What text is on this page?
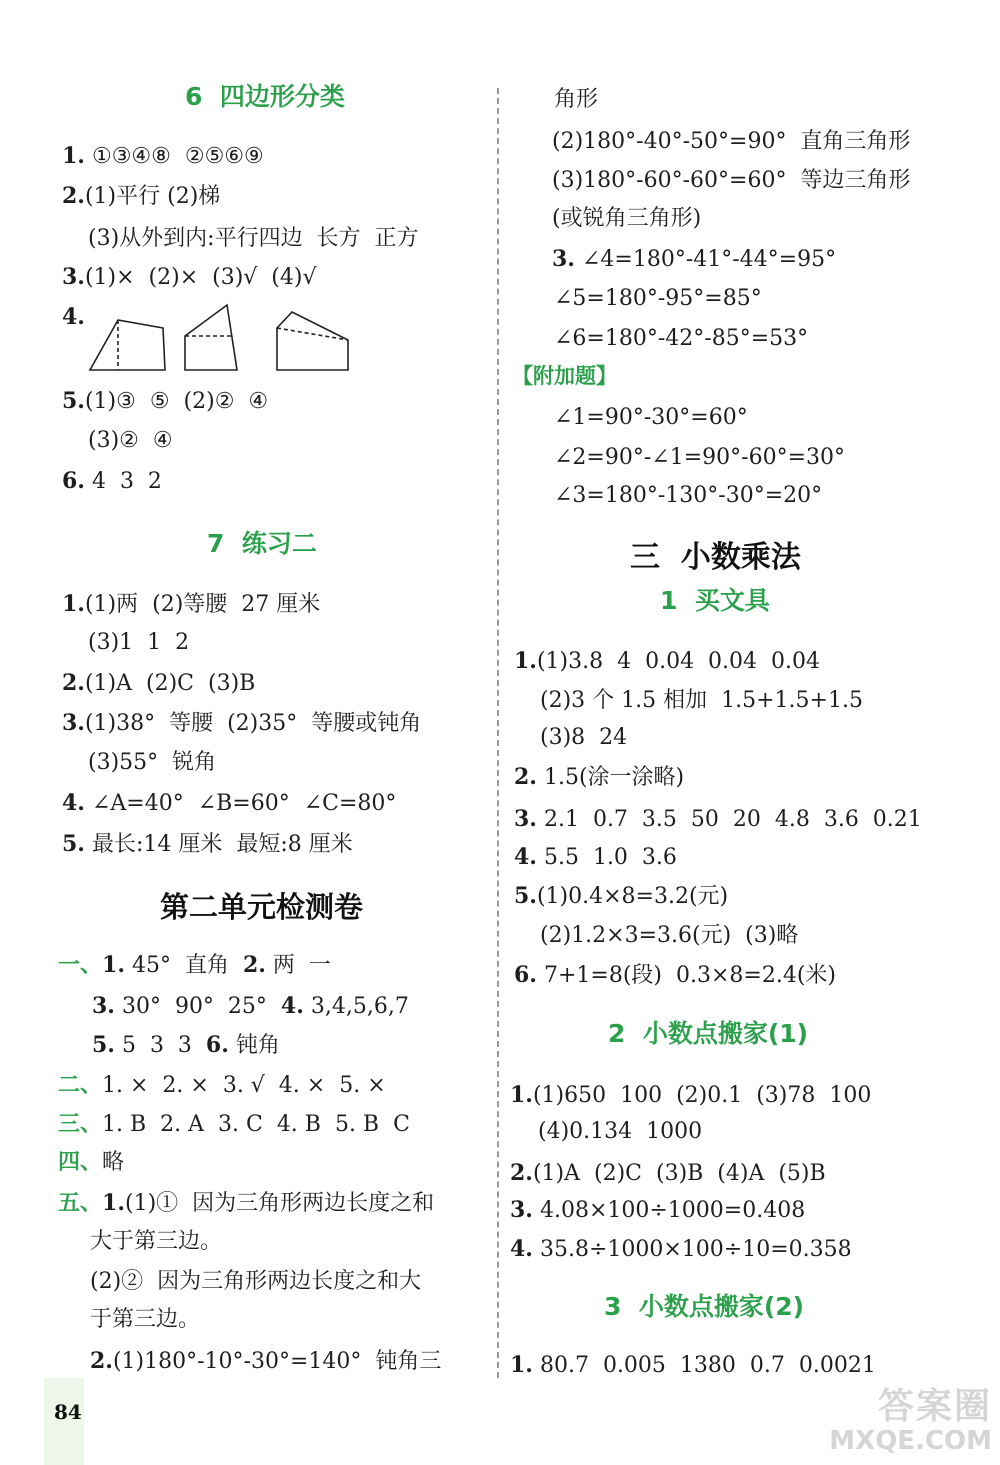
6 四边形分类
1. ①③④⑧  ②⑤⑥⑨
2.(1)平行 (2)梯
(3)从外到内:平行四边  长方  正方
3.(1)×  (2)×  (3)√  (4)√
4.
5.(1)③  ⑤  (2)②  ④
(3)②  ④
6. 4  3  2
7 练习二
1.(1)两  (2)等腰  27 厘米
(3)1  1  2
2.(1)A  (2)C  (3)B
3.(1)38°  等腰  (2)35°  等腰或钝角
(3)55°  锐角
4. ∠A=40°  ∠B=60°  ∠C=80°
5. 最长:14 厘米  最短:8 厘米
第二单元检测卷
一、1. 45°  直角  2. 两  一
3. 30°  90°  25°  4. 3,4,5,6,7
5. 5  3  3  6. 钝角
二、1. ×  2. ×  3. √  4. ×  5. ×
三、1. B  2. A  3. C  4. B  5. B  C
四、略
五、1.(1)①  因为三角形两边长度之和
大于第三边。
(2)②  因为三角形两边长度之和大
于第三边。
2.(1)180°-10°-30°=140°  钝角三
角形
(2)180°-40°-50°=90°  直角三角形
(3)180°-60°-60°=60°  等边三角形
(或锐角三角形)
3. ∠4=180°-41°-44°=95°
∠5=180°-95°=85°
∠6=180°-42°-85°=53°
【附加题】
∠1=90°-30°=60°
∠2=90°-∠1=90°-60°=30°
∠3=180°-130°-30°=20°
三  小数乘法
1 买文具
1.(1)3.8  4  0.04  0.04  0.04
(2)3 个 1.5 相加  1.5+1.5+1.5
(3)8  24
2. 1.5(涂一涂略)
3. 2.1  0.7  3.5  50  20  4.8  3.6  0.21
4. 5.5  1.0  3.6
5.(1)0.4×8=3.2(元)
(2)1.2×3=3.6(元)  (3)略
6. 7+1=8(段)  0.3×8=2.4(米)
2 小数点搬家(1)
1.(1)650  100  (2)0.1  (3)78  100
(4)0.134  1000
2.(1)A  (2)C  (3)B  (4)A  (5)B
3. 4.08×100÷1000=0.408
4. 35.8÷1000×100÷10=0.358
3 小数点搬家(2)
1. 80.7  0.005  1380  0.7  0.0021
84	答案圈
MXQE.COM
